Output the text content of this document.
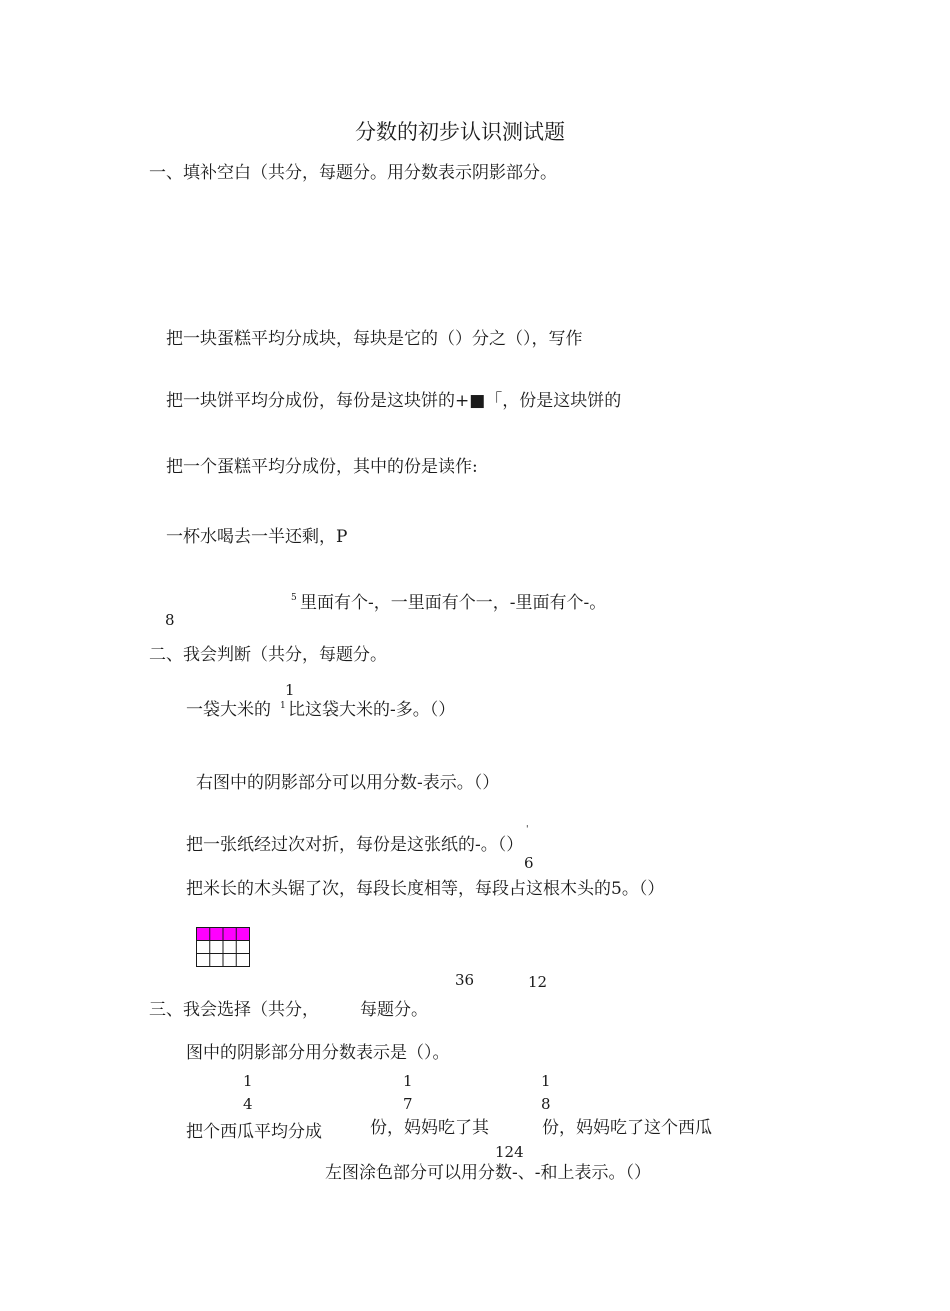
分数的初步认识测试题
一、填补空白（共分，每题分。用分数表示阴影部分。
把一块蛋糕平均分成块，每块是它的（）分之（），写作
把一块饼平均分成份，每份是这块饼的+■「，份是这块饼的
把一个蛋糕平均分成份，其中的份是读作:
一杯水喝去一半还剩，P
5 里面有个-，一里面有个一，-里面有个-。
8
二、我会判断（共分，每题分。
1
一袋大米的 1 比这袋大米的-多。（）
右图中的阴影部分可以用分数-表示。（）
'
把一张纸经过次对折，每份是这张纸的-。（）
6
把米长的木头锯了次，每段长度相等，每段占这根木头的5。（）
36	12
三、我会选择（共分， 每题分。
图中的阴影部分用分数表示是（）。
1	1	1
4	7	8
把个西瓜平均分成	份，妈妈吃了其	份，妈妈吃了这个西瓜
124
左图涂色部分可以用分数-、-和上表示。（）
